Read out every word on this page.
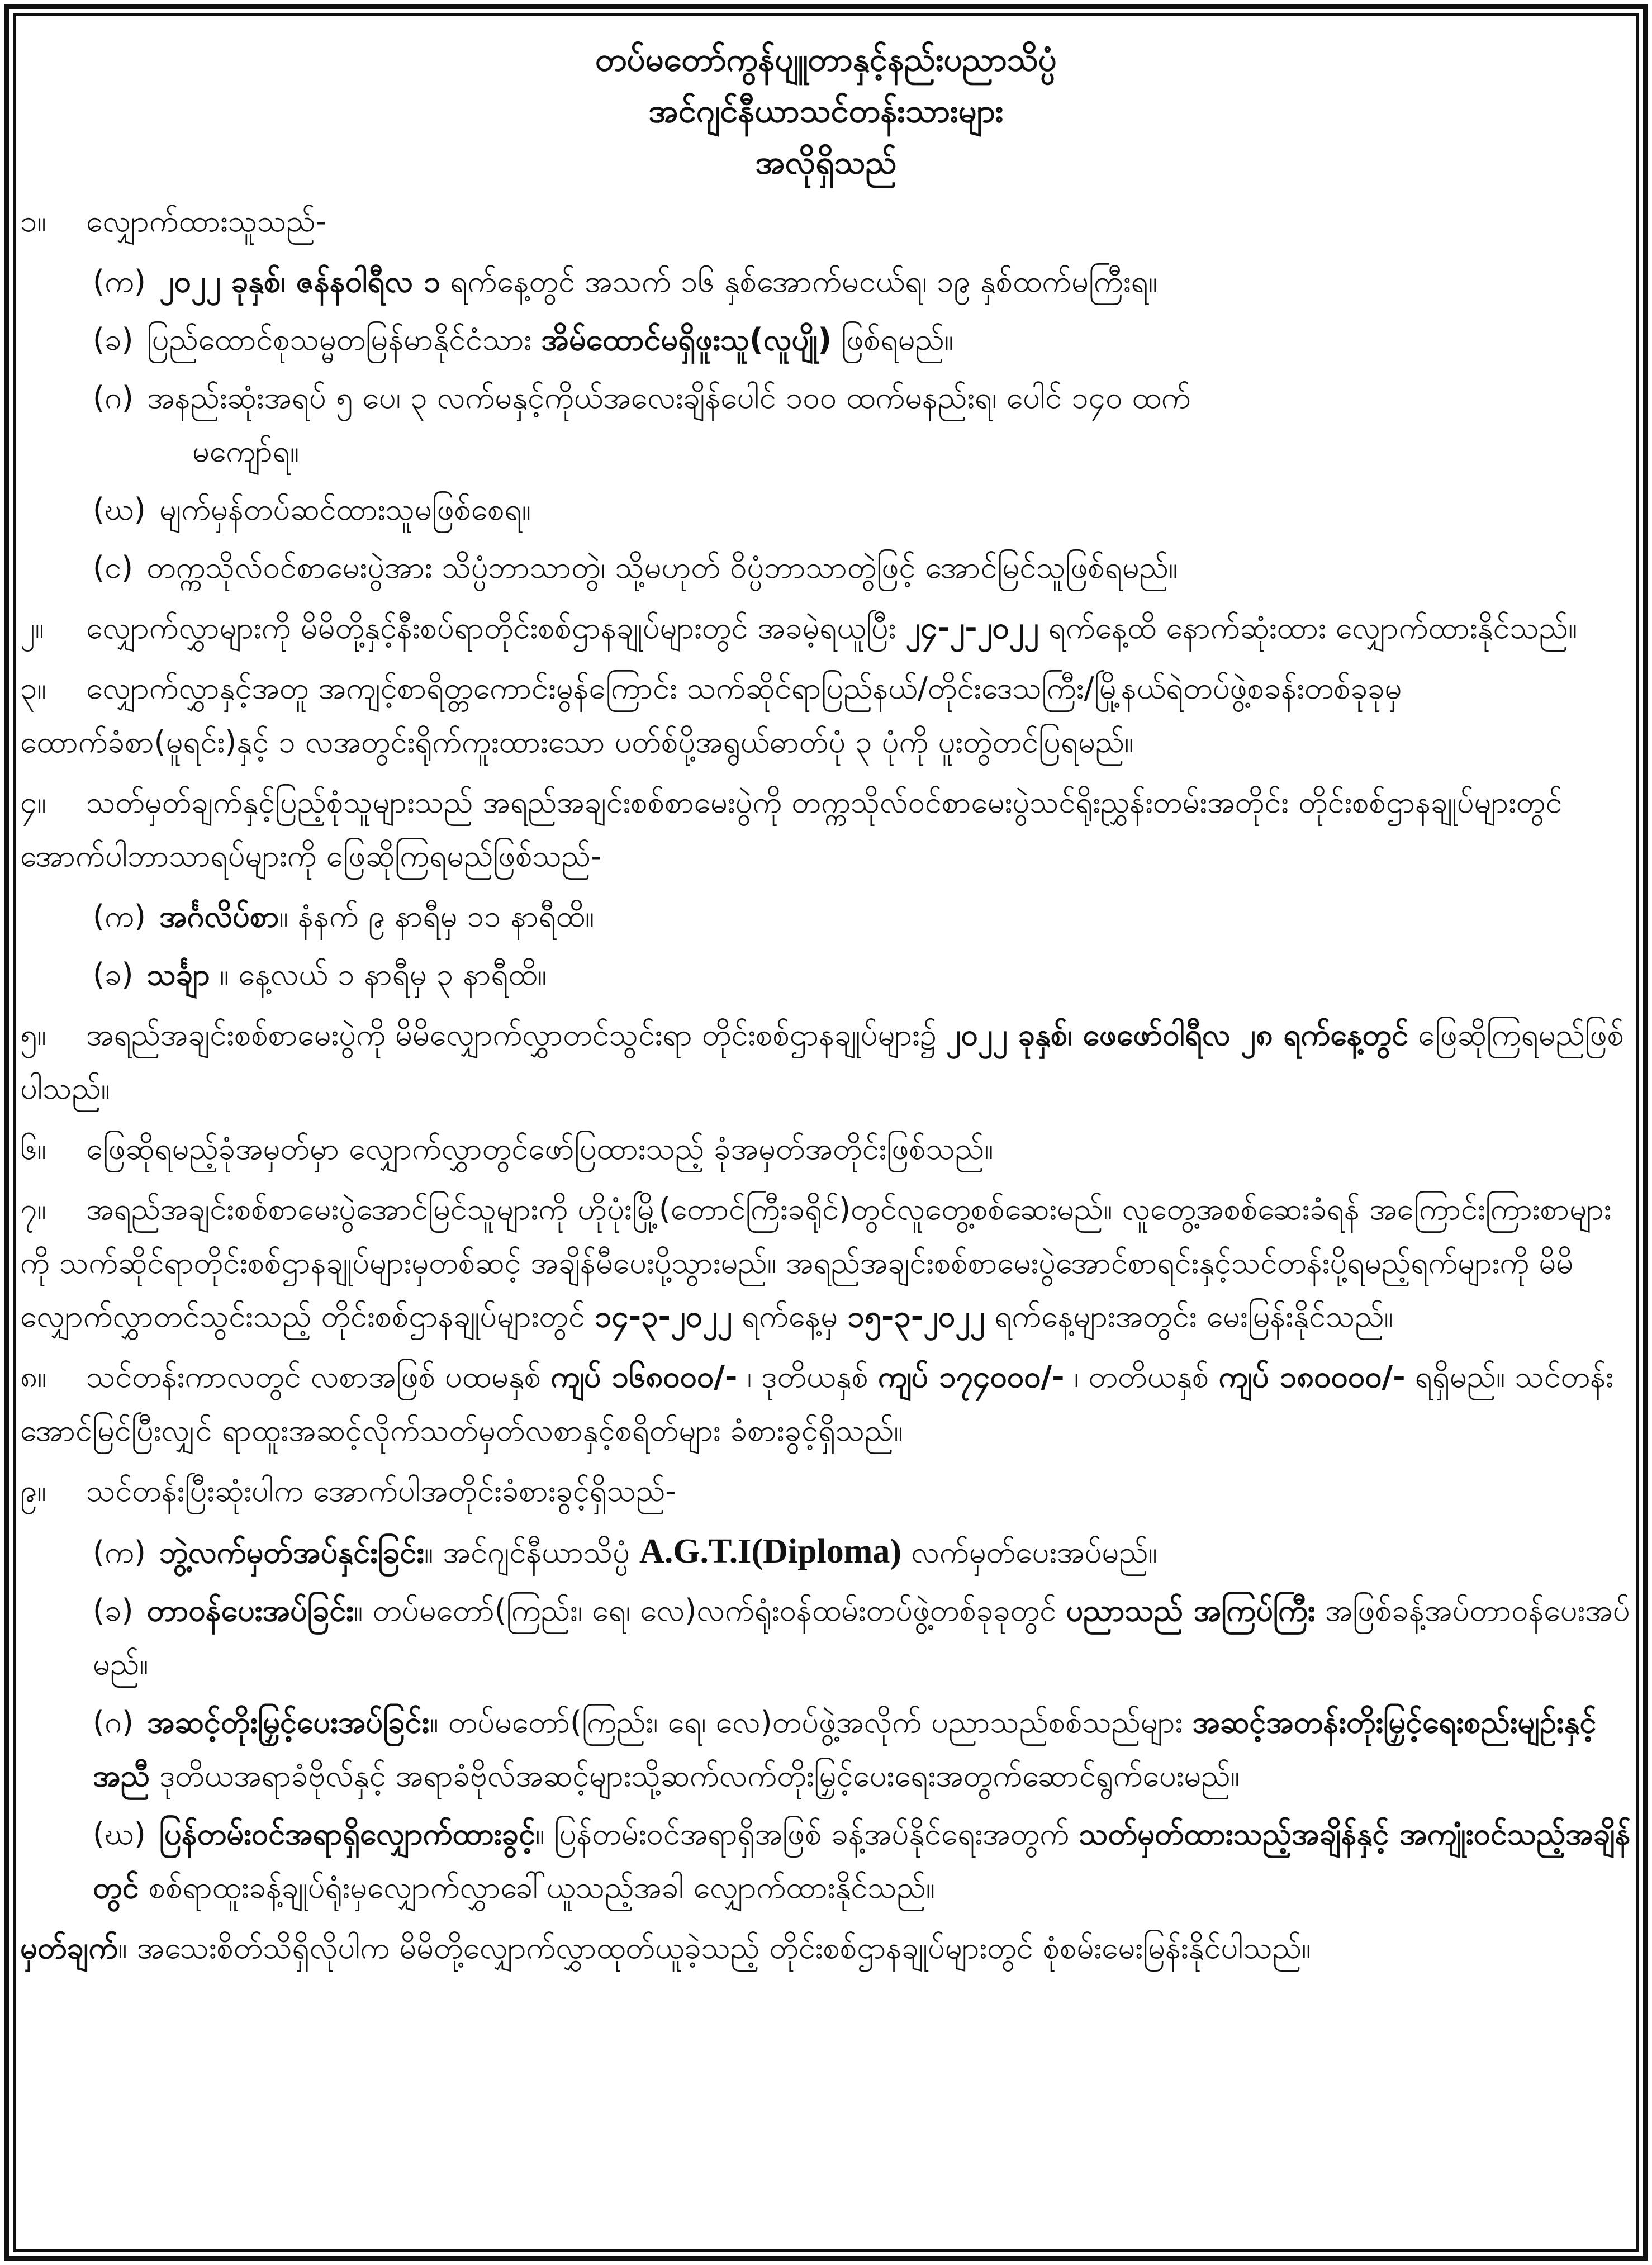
တပ်မတော်ကွန်ပျူတာနှင့်နည်းပညာသိပ္ပံ

အင်ဂျင်နီယာသင်တန်းသားများ

အလိုရှိသည်

၁။ လျှောက်ထားသူသည်-
(က) ၂၀၂၂ ခုနှစ်၊ ဇန်နဝါရီလ ၁ ရက်နေ့တွင် အသက် ၁၆ နှစ်အောက်မငယ်ရ၊ ၁၉ နှစ်ထက်မကြီးရ။
(ခ) ပြည်ထောင်စုသမ္မတမြန်မာနိုင်ငံသား အိမ်ထောင်မရှိဖူးသူ(လူပျို) ဖြစ်ရမည်။
(ဂ) အနည်းဆုံးအရပ် ၅ ပေ၊ ၃ လက်မနှင့်ကိုယ်အလေးချိန်ပေါင် ၁၀၀ ထက်မနည်းရ၊ ပေါင် ၁၄၀ ထက်
မကျော်ရ။
(ဃ) မျက်မှန်တပ်ဆင်ထားသူမဖြစ်စေရ။
(င) တက္ကသိုလ်ဝင်စာမေးပွဲအား သိပ္ပံဘာသာတွဲ၊ သို့မဟုတ် ဝိပ္ပံဘာသာတွဲဖြင့် အောင်မြင်သူဖြစ်ရမည်။
၂။ လျှောက်လွှာများကို မိမိတို့နှင့်နီးစပ်ရာတိုင်းစစ်ဌာနချုပ်များတွင် အခမဲ့ရယူပြီး ၂၄-၂-၂၀၂၂ ရက်နေ့ထိ နောက်ဆုံးထား လျှောက်ထားနိုင်သည်။
၃။ လျှောက်လွှာနှင့်အတူ အကျင့်စာရိတ္တကောင်းမွန်ကြောင်း သက်ဆိုင်ရာပြည်နယ်/တိုင်းဒေသကြီး/မြို့နယ်ရဲတပ်ဖွဲ့စခန်းတစ်ခုခုမှ ထောက်ခံစာ(မူရင်း)နှင့် ၁ လအတွင်းရိုက်ကူးထားသော ပတ်စ်ပို့အရွယ်ဓာတ်ပုံ ၃ ပုံကို ပူးတွဲတင်ပြရမည်။
၄။ သတ်မှတ်ချက်နှင့်ပြည့်စုံသူများသည် အရည်အချင်းစစ်စာမေးပွဲကို တက္ကသိုလ်ဝင်စာမေးပွဲသင်ရိုးညွှန်းတမ်းအတိုင်း တိုင်းစစ်ဌာနချုပ်များတွင် အောက်ပါဘာသာရပ်များကို ဖြေဆိုကြရမည်ဖြစ်သည်-
(က) အင်္ဂလိပ်စာ။ နံနက် ၉ နာရီမှ ၁၁ နာရီထိ။
(ခ) သင်္ချာ ။ နေ့လယ် ၁ နာရီမှ ၃ နာရီထိ။
၅။ အရည်အချင်းစစ်စာမေးပွဲကို မိမိလျှောက်လွှာတင်သွင်းရာ တိုင်းစစ်ဌာနချုပ်များ၌ ၂၀၂၂ ခုနှစ်၊ ဖေဖော်ဝါရီလ ၂၈ ရက်နေ့တွင် ဖြေဆိုကြရမည်ဖြစ်ပါသည်။
၆။ ဖြေဆိုရမည့်ခုံအမှတ်မှာ လျှောက်လွှာတွင်ဖော်ပြထားသည့် ခုံအမှတ်အတိုင်းဖြစ်သည်။
၇။ အရည်အချင်းစစ်စာမေးပွဲအောင်မြင်သူများကို ဟိုပုံးမြို့(တောင်ကြီးခရိုင်)တွင်လူတွေ့စစ်ဆေးမည်။ လူတွေ့အစစ်ဆေးခံရန် အကြောင်းကြားစာများကို သက်ဆိုင်ရာတိုင်းစစ်ဌာနချုပ်များမှတစ်ဆင့် အချိန်မီပေးပို့သွားမည်။ အရည်အချင်းစစ်စာမေးပွဲအောင်စာရင်းနှင့်သင်တန်းပို့ရမည့်ရက်များကို မိမိလျှောက်လွှာတင်သွင်းသည့် တိုင်းစစ်ဌာနချုပ်များတွင် ၁၄-၃-၂၀၂၂ ရက်နေ့မှ ၁၅-၃-၂၀၂၂ ရက်နေ့များအတွင်း မေးမြန်းနိုင်သည်။
၈။ သင်တန်းကာလတွင် လစာအဖြစ် ပထမနှစ် ကျပ် ၁၆၈၀၀၀/- ၊ ဒုတိယနှစ် ကျပ် ၁၇၄၀၀၀/- ၊ တတိယနှစ် ကျပ် ၁၈၀၀၀၀/- ရရှိမည်။ သင်တန်းအောင်မြင်ပြီးလျှင် ရာထူးအဆင့်လိုက်သတ်မှတ်လစာနှင့်စရိတ်များ ခံစားခွင့်ရှိသည်။
၉။ သင်တန်းပြီးဆုံးပါက အောက်ပါအတိုင်းခံစားခွင့်ရှိသည်-
(က) ဘွဲ့လက်မှတ်အပ်နှင်းခြင်း။ အင်ဂျင်နီယာသိပ္ပံ A.G.T.I(Diploma) လက်မှတ်ပေးအပ်မည်။
(ခ) တာဝန်ပေးအပ်ခြင်း။ တပ်မတော်(ကြည်း၊ ရေ၊ လေ)လက်ရုံးဝန်ထမ်းတပ်ဖွဲ့တစ်ခုခုတွင် ပညာသည် အကြပ်ကြီး အဖြစ်ခန့်အပ်တာဝန်ပေးအပ်မည်။
(ဂ) အဆင့်တိုးမြှင့်ပေးအပ်ခြင်း။ တပ်မတော်(ကြည်း၊ ရေ၊ လေ)တပ်ဖွဲ့အလိုက် ပညာသည်စစ်သည်များ အဆင့်အတန်းတိုးမြှင့်ရေးစည်းမျဉ်းနှင့်အညီ ဒုတိယအရာခံဗိုလ်နှင့် အရာခံဗိုလ်အဆင့်များသို့ဆက်လက်တိုးမြှင့်ပေးရေးအတွက်ဆောင်ရွက်ပေးမည်။
(ဃ) ပြန်တမ်းဝင်အရာရှိလျှောက်ထားခွင့်။ ပြန်တမ်းဝင်အရာရှိအဖြစ် ခန့်အပ်နိုင်ရေးအတွက် သတ်မှတ်ထားသည့်အချိန်နှင့် အကျုံးဝင်သည့်အချိန်တွင် စစ်ရာထူးခန့်ချုပ်ရုံးမှလျှောက်လွှာခေါ်ယူသည့်အခါ လျှောက်ထားနိုင်သည်။
မှတ်ချက်။ အသေးစိတ်သိရှိလိုပါက မိမိတို့လျှောက်လွှာထုတ်ယူခဲ့သည့် တိုင်းစစ်ဌာနချုပ်များတွင် စုံစမ်းမေးမြန်းနိုင်ပါသည်။
